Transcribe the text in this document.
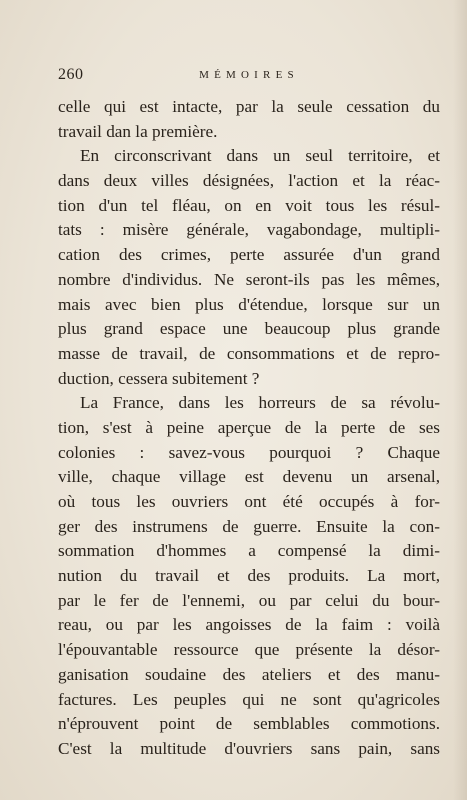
260	MÉMOIRES
celle qui est intacte, par la seule cessation du
travail dan la première.
En circonscrivant dans un seul territoire, et
dans deux villes désignées, l'action et la réac-
tion d'un tel fléau, on en voit tous les résul-
tats : misère générale, vagabondage, multipli-
cation des crimes, perte assurée d'un grand
nombre d'individus. Ne seront-ils pas les mêmes,
mais avec bien plus d'étendue, lorsque sur un
plus grand espace une beaucoup plus grande
masse de travail, de consommations et de repro-
duction, cessera subitement ?
La France, dans les horreurs de sa révolu-
tion, s'est à peine aperçue de la perte de ses
colonies : savez-vous pourquoi ? Chaque
ville, chaque village est devenu un arsenal,
où tous les ouvriers ont été occupés à for-
ger des instrumens de guerre. Ensuite la con-
sommation d'hommes a compensé la dimi-
nution du travail et des produits. La mort,
par le fer de l'ennemi, ou par celui du bour-
reau, ou par les angoisses de la faim : voilà
l'épouvantable ressource que présente la désor-
ganisation soudaine des ateliers et des manu-
factures. Les peuples qui ne sont qu'agricoles
n'éprouvent point de semblables commotions.
C'est la multitude d'ouvriers sans pain, sans
